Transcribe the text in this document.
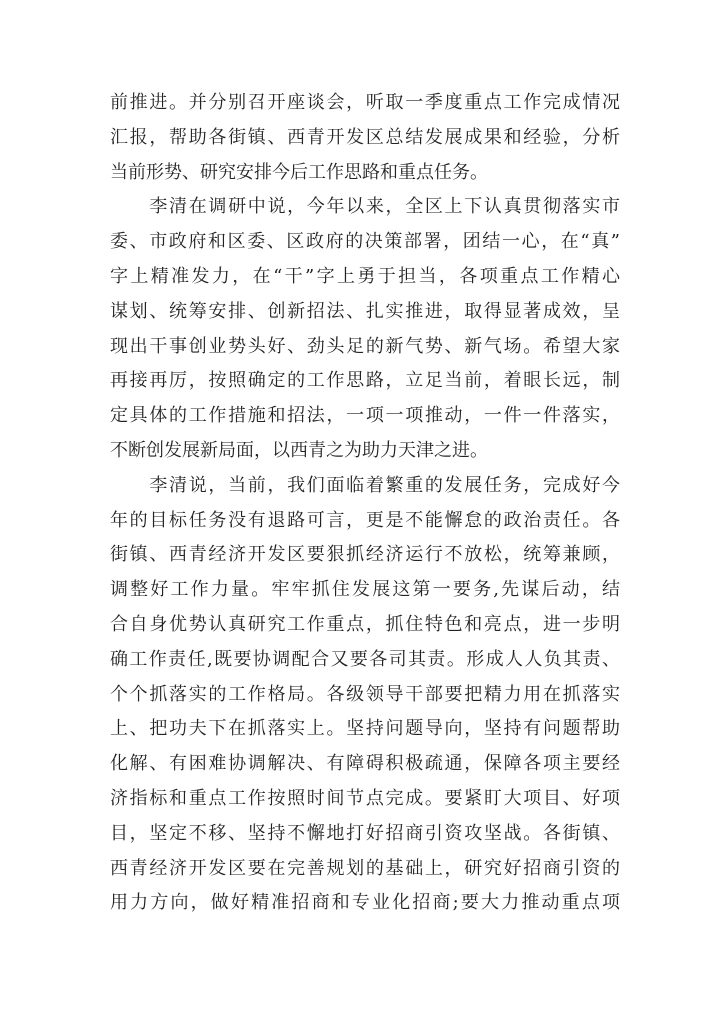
前推进。并分别召开座谈会，听取一季度重点工作完成情况
汇报，帮助各街镇、西青开发区总结发展成果和经验，分析
当前形势、研究安排今后工作思路和重点任务。
　　李清在调研中说，今年以来，全区上下认真贯彻落实市
委、市政府和区委、区政府的决策部署，团结一心，在“真”
字上精准发力，在“干”字上勇于担当，各项重点工作精心
谋划、统筹安排、创新招法、扎实推进，取得显著成效，呈
现出干事创业势头好、劲头足的新气势、新气场。希望大家
再接再厉，按照确定的工作思路，立足当前，着眼长远，制
定具体的工作措施和招法，一项一项推动，一件一件落实，
不断创发展新局面，以西青之为助力天津之进。
　　李清说，当前，我们面临着繁重的发展任务，完成好今
年的目标任务没有退路可言，更是不能懈怠的政治责任。各
街镇、西青经济开发区要狠抓经济运行不放松，统筹兼顾，
调整好工作力量。牢牢抓住发展这第一要务,先谋后动，结
合自身优势认真研究工作重点，抓住特色和亮点，进一步明
确工作责任,既要协调配合又要各司其责。形成人人负其责、
个个抓落实的工作格局。各级领导干部要把精力用在抓落实
上、把功夫下在抓落实上。坚持问题导向，坚持有问题帮助
化解、有困难协调解决、有障碍积极疏通，保障各项主要经
济指标和重点工作按照时间节点完成。要紧盯大项目、好项
目，坚定不移、坚持不懈地打好招商引资攻坚战。各街镇、
西青经济开发区要在完善规划的基础上，研究好招商引资的
用力方向，做好精准招商和专业化招商;要大力推动重点项
